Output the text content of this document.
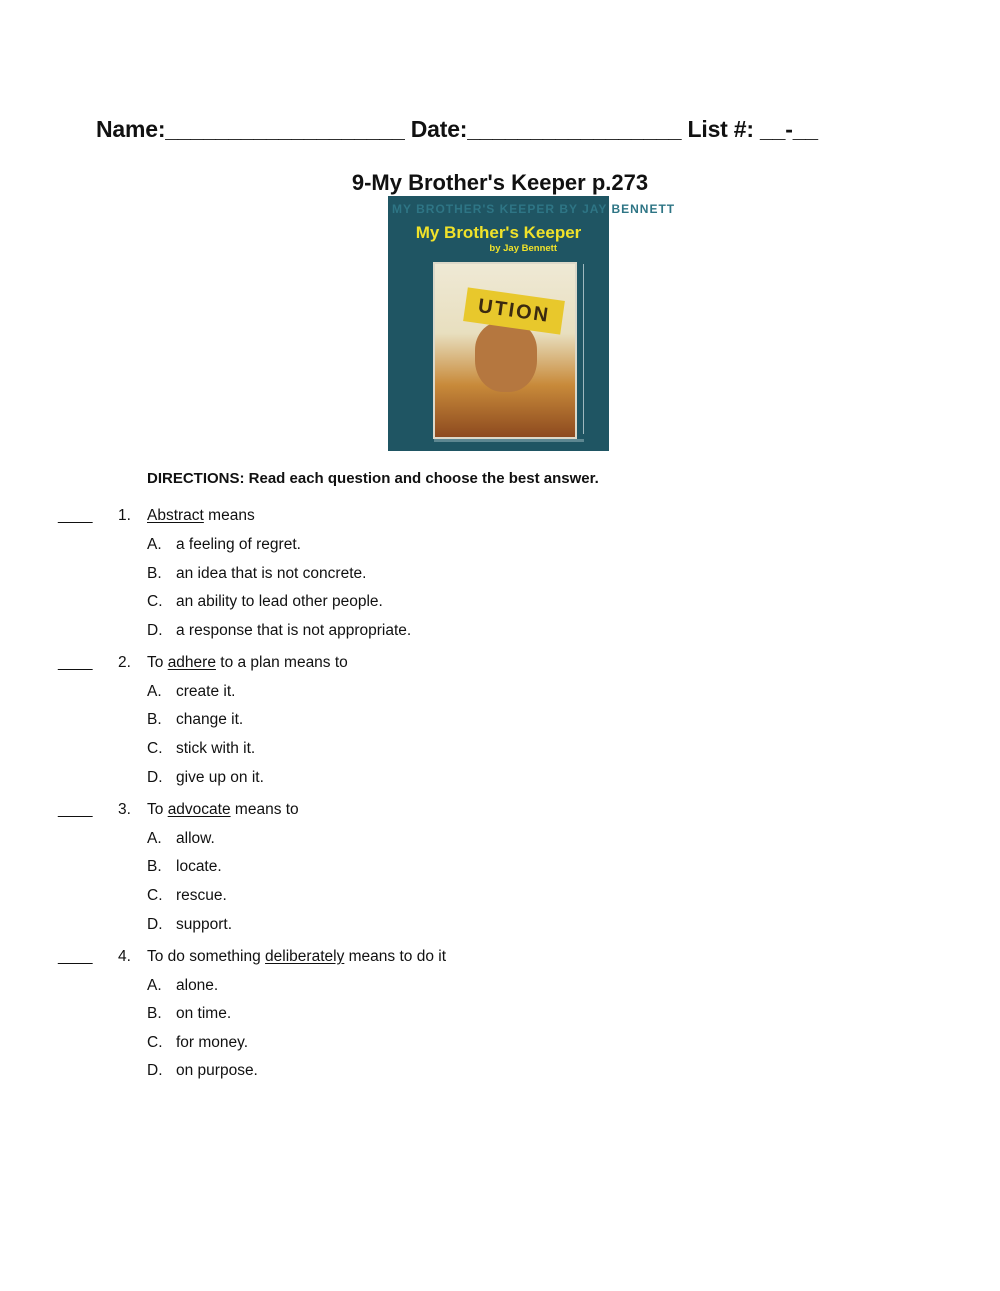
Name:___________________ Date:_________________ List #: __-__
9-My Brother's Keeper p.273
MY BROTHER'S KEEPER BY JAY BENNETT
My Brother's Keeper
by Jay Bennett
UTION
DIRECTIONS: Read each question and choose the best answer.
____ 1. Abstract means
A. a feeling of regret.
B. an idea that is not concrete.
C. an ability to lead other people.
D. a response that is not appropriate.
____ 2. To adhere to a plan means to
A. create it.
B. change it.
C. stick with it.
D. give up on it.
____ 3. To advocate means to
A. allow.
B. locate.
C. rescue.
D. support.
____ 4. To do something deliberately means to do it
A. alone.
B. on time.
C. for money.
D. on purpose.
